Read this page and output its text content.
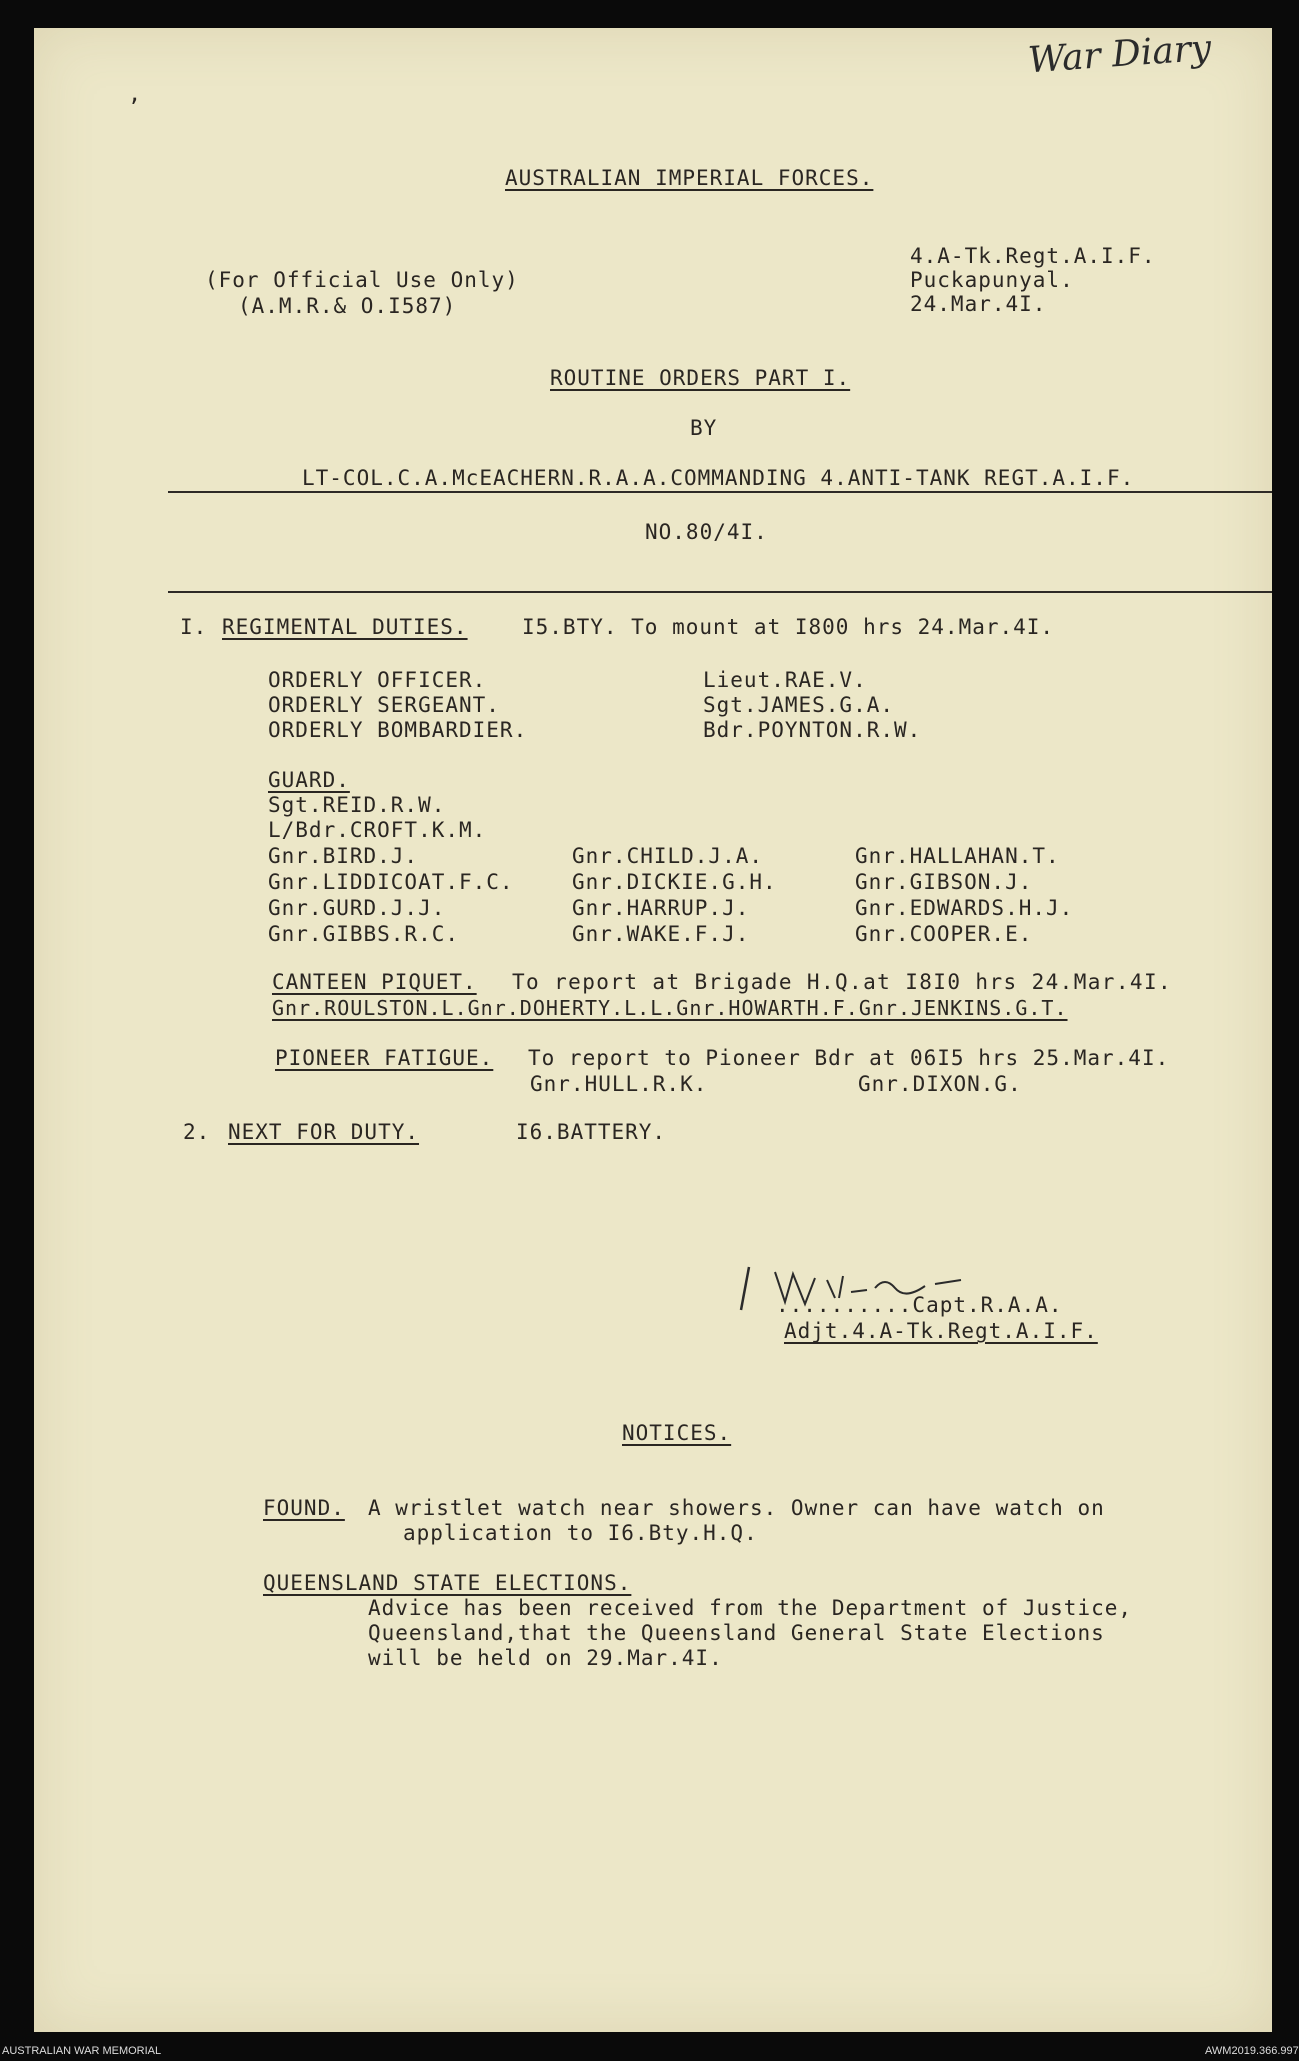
War Diary
‚
AUSTRALIAN IMPERIAL FORCES.
(For Official Use Only)
(A.M.R.& O.I587)
4.A-Tk.Regt.A.I.F.
Puckapunyal.
24.Mar.4I.
ROUTINE ORDERS PART I.
BY
LT-COL.C.A.McEACHERN.R.A.A.COMMANDING 4.ANTI-TANK REGT.A.I.F.
NO.80/4I.
I. REGIMENTAL DUTIES.	I5.BTY. To mount at I800 hrs 24.Mar.4I.
ORDERLY OFFICER.	Lieut.RAE.V.
ORDERLY SERGEANT.	Sgt.JAMES.G.A.
ORDERLY BOMBARDIER.	Bdr.POYNTON.R.W.
GUARD.
Sgt.REID.R.W.
L/Bdr.CROFT.K.M.
Gnr.BIRD.J.	Gnr.CHILD.J.A.	Gnr.HALLAHAN.T.
Gnr.LIDDICOAT.F.C.	Gnr.DICKIE.G.H.	Gnr.GIBSON.J.
Gnr.GURD.J.J.	Gnr.HARRUP.J.	Gnr.EDWARDS.H.J.
Gnr.GIBBS.R.C.	Gnr.WAKE.F.J.	Gnr.COOPER.E.
CANTEEN PIQUET. To report at Brigade H.Q.at I8I0 hrs 24.Mar.4I.
Gnr.ROULSTON.L.Gnr.DOHERTY.L.L.Gnr.HOWARTH.F.Gnr.JENKINS.G.T.
PIONEER FATIGUE. To report to Pioneer Bdr at 06I5 hrs 25.Mar.4I.
Gnr.HULL.R.K.	Gnr.DIXON.G.
2. NEXT FOR DUTY.	I6.BATTERY.
..........Capt.R.A.A.
Adjt.4.A-Tk.Regt.A.I.F.
NOTICES.
FOUND. A wristlet watch near showers. Owner can have watch on
application to I6.Bty.H.Q.
QUEENSLAND STATE ELECTIONS.
Advice has been received from the Department of Justice,
Queensland,that the Queensland General State Elections
will be held on 29.Mar.4I.
AUSTRALIAN WAR MEMORIAL	AWM2019.366.997
